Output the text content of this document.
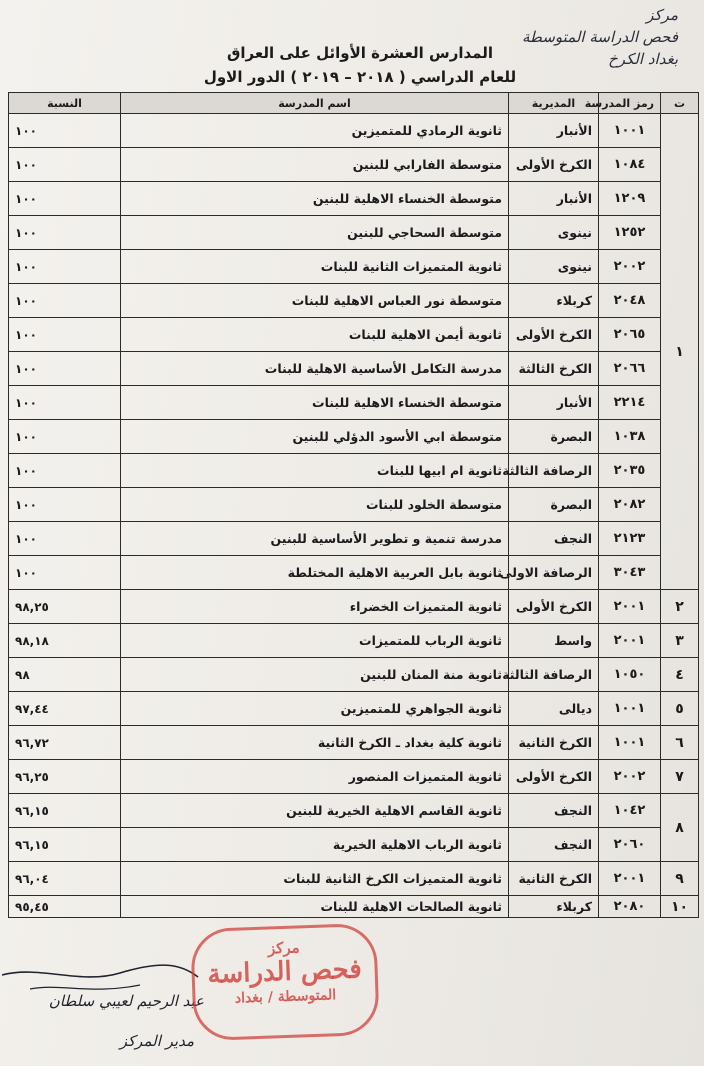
مركز
فحص الدراسة المتوسطة
بغداد الكرخ
المدارس العشرة الأوائل على العراق
للعام الدراسي ( ٢٠١٨ – ٢٠١٩ ) الدور الاول
ت	رمز المدرسة	المديرية	اسم المدرسة	النسبة
١	١٠٠١	الأنبار	ثانوية الرمادي للمتميزين	١٠٠
	١٠٨٤	الكرخ الأولى	متوسطة الفارابي للبنين	١٠٠
	١٢٠٩	الأنبار	متوسطة الخنساء الاهلية للبنين	١٠٠
	١٢٥٢	نينوى	متوسطة السحاجي للبنين	١٠٠
	٢٠٠٢	نينوى	ثانوية المتميزات الثانية للبنات	١٠٠
	٢٠٤٨	كربلاء	متوسطة نور العباس الاهلية للبنات	١٠٠
	٢٠٦٥	الكرخ الأولى	ثانوية أيمن الاهلية للبنات	١٠٠
	٢٠٦٦	الكرخ الثالثة	مدرسة التكامل الأساسية الاهلية للبنات	١٠٠
	٢٢١٤	الأنبار	متوسطة الخنساء الاهلية للبنات	١٠٠
	١٠٣٨	البصرة	متوسطة ابي الأسود الدؤلي للبنين	١٠٠
	٢٠٣٥	الرصافة الثالثة	ثانوية ام ابيها للبنات	١٠٠
	٢٠٨٢	البصرة	متوسطة الخلود للبنات	١٠٠
	٢١٢٣	النجف	مدرسة تنمية و تطوير الأساسية للبنين	١٠٠
	٣٠٤٣	الرصافة الاولى	ثانوية بابل العربية الاهلية المختلطة	١٠٠
٢	٢٠٠١	الكرخ الأولى	ثانوية المتميزات الخضراء	٩٨,٢٥
٣	٢٠٠١	واسط	ثانوية الرباب للمتميزات	٩٨,١٨
٤	١٠٥٠	الرصافة الثالثة	ثانوية منة المنان للبنين	٩٨
٥	١٠٠١	ديالى	ثانوية الجواهري للمتميزين	٩٧,٤٤
٦	١٠٠١	الكرخ الثانية	ثانوية كلية بغداد ـ الكرخ الثانية	٩٦,٧٢
٧	٢٠٠٢	الكرخ الأولى	ثانوية المتميزات المنصور	٩٦,٢٥
٨	١٠٤٢	النجف	ثانوية القاسم الاهلية الخيرية للبنين	٩٦,١٥
	٢٠٦٠	النجف	ثانوية الرباب الاهلية الخيرية	٩٦,١٥
٩	٢٠٠١	الكرخ الثانية	ثانوية المتميزات الكرخ الثانية للبنات	٩٦,٠٤
١٠	٢٠٨٠	كربلاء	ثانوية الصالحات الاهلية للبنات	٩٥,٤٥
عبد الرحيم لعيبي سلطان
مدير المركز
مركز
فحص الدراسة
المتوسطة / بغداد
